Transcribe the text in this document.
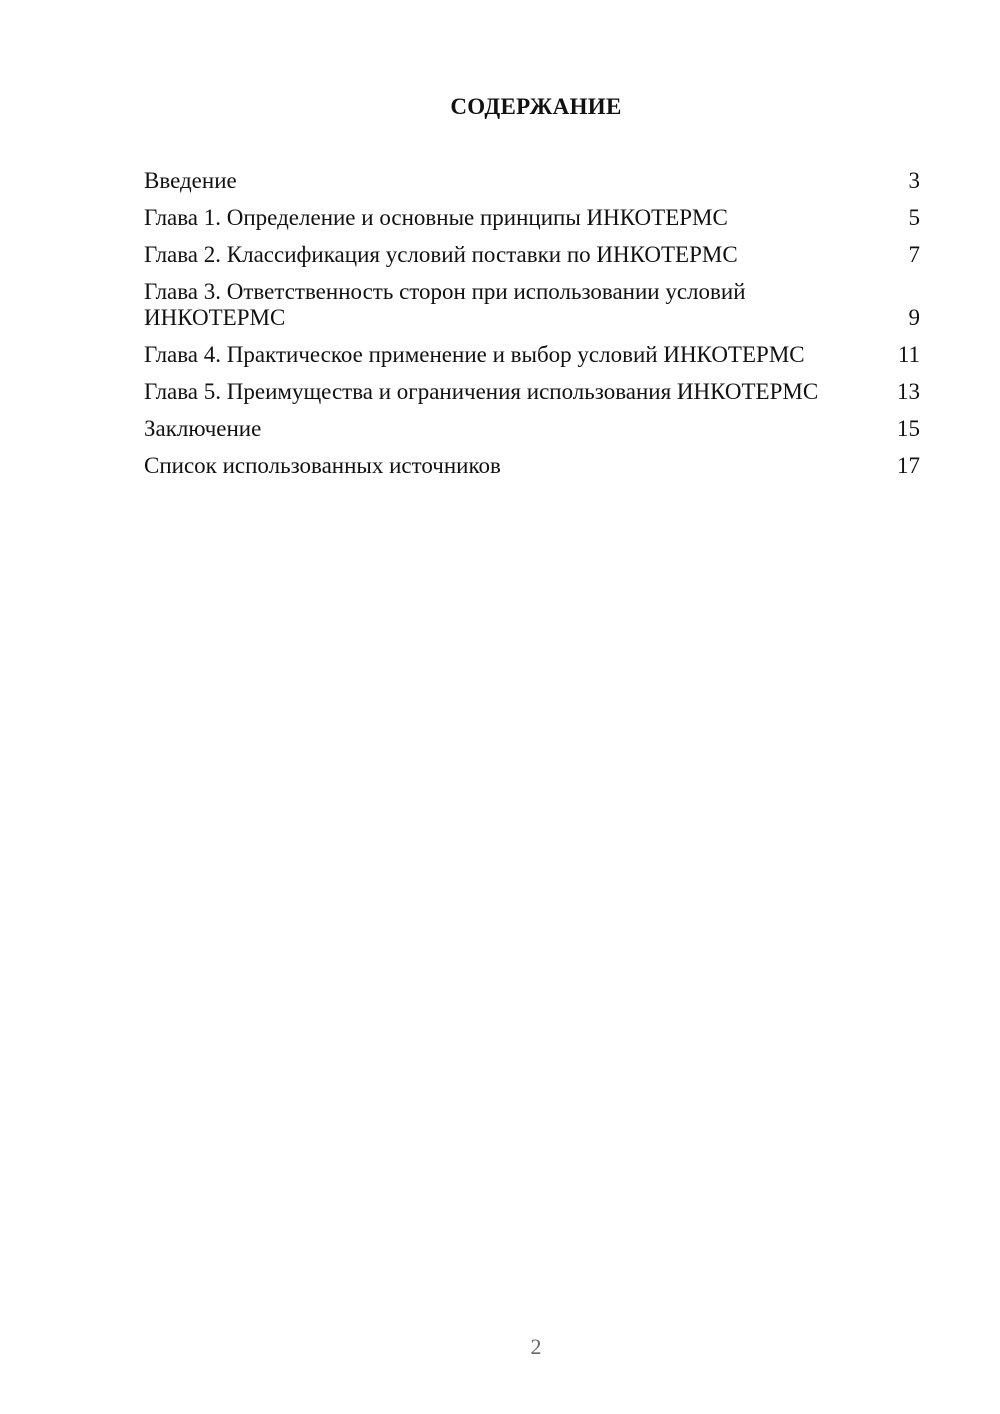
СОДЕРЖАНИЕ
Введение	3
Глава 1. Определение и основные принципы ИНКОТЕРМС	5
Глава 2. Классификация условий поставки по ИНКОТЕРМС	7
Глава 3. Ответственность сторон при использовании условий ИНКОТЕРМС	9
Глава 4. Практическое применение и выбор условий ИНКОТЕРМС	11
Глава 5. Преимущества и ограничения использования ИНКОТЕРМС	13
Заключение	15
Список использованных источников	17
2
